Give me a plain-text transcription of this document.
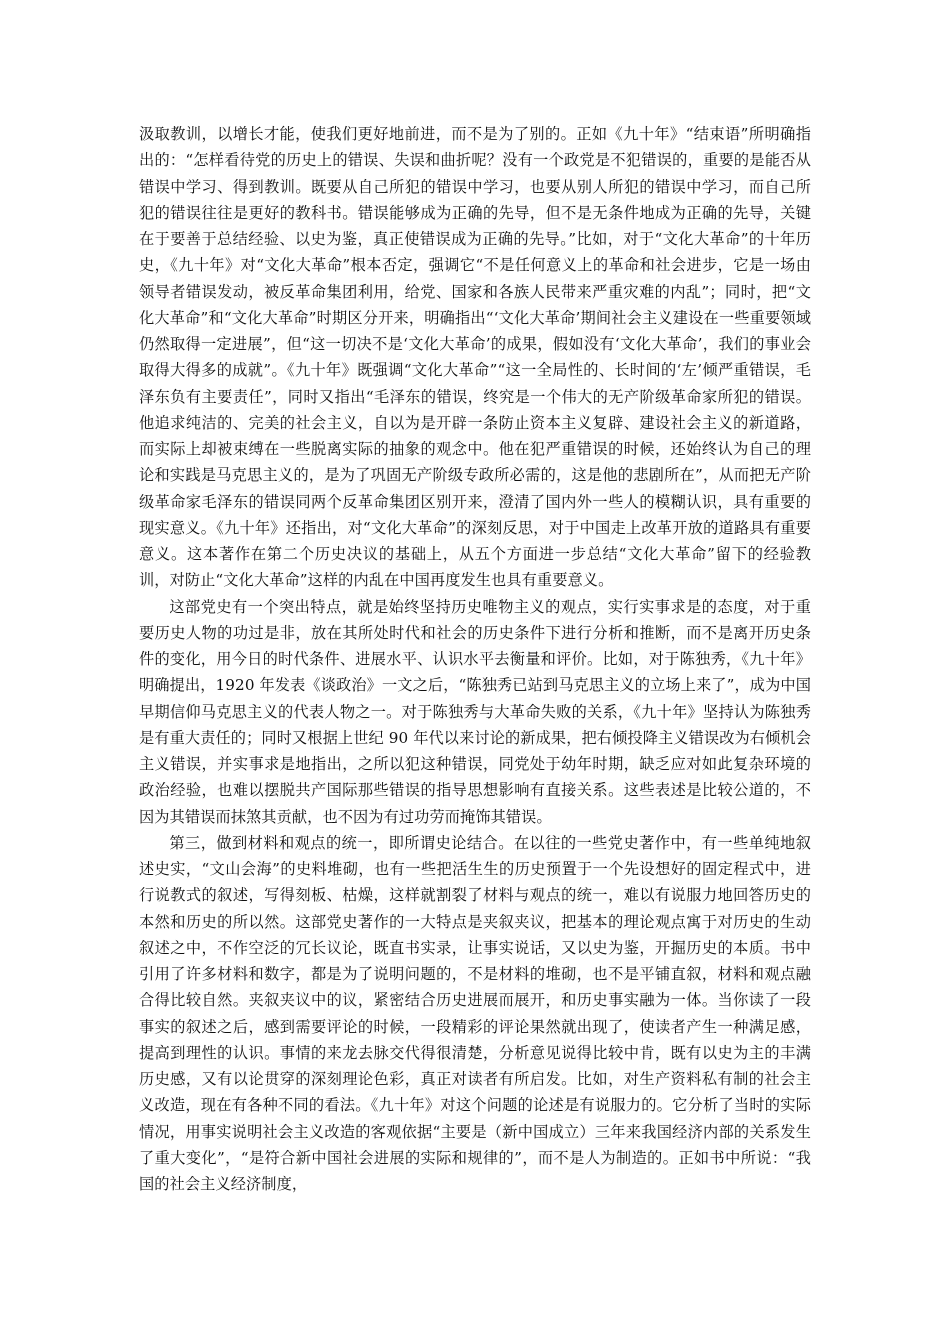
汲取教训，以增长才能，使我们更好地前进，而不是为了别的。正如《九十年》“结束语”所明确指出的：“怎样看待党的历史上的错误、失误和曲折呢？没有一个政党是不犯错误的，重要的是能否从错误中学习、得到教训。既要从自己所犯的错误中学习，也要从别人所犯的错误中学习，而自己所犯的错误往往是更好的教科书。错误能够成为正确的先导，但不是无条件地成为正确的先导，关键在于要善于总结经验、以史为鉴，真正使错误成为正确的先导。”比如，对于“文化大革命”的十年历史，《九十年》对“文化大革命”根本否定，强调它“不是任何意义上的革命和社会进步，它是一场由领导者错误发动，被反革命集团利用，给党、国家和各族人民带来严重灾难的内乱”；同时，把“文化大革命”和“文化大革命”时期区分开来，明确指出“‘文化大革命’期间社会主义建设在一些重要领域仍然取得一定进展”，但“这一切决不是‘文化大革命’的成果，假如没有‘文化大革命’，我们的事业会取得大得多的成就”。《九十年》既强调“文化大革命”“这一全局性的、长时间的‘左’倾严重错误，毛泽东负有主要责任”，同时又指出“毛泽东的错误，终究是一个伟大的无产阶级革命家所犯的错误。他追求纯洁的、完美的社会主义，自以为是开辟一条防止资本主义复辟、建设社会主义的新道路，而实际上却被束缚在一些脱离实际的抽象的观念中。他在犯严重错误的时候，还始终认为自己的理论和实践是马克思主义的，是为了巩固无产阶级专政所必需的，这是他的悲剧所在”，从而把无产阶级革命家毛泽东的错误同两个反革命集团区别开来，澄清了国内外一些人的模糊认识，具有重要的现实意义。《九十年》还指出，对“文化大革命”的深刻反思，对于中国走上改革开放的道路具有重要意义。这本著作在第二个历史决议的基础上，从五个方面进一步总结“文化大革命”留下的经验教训，对防止“文化大革命”这样的内乱在中国再度发生也具有重要意义。

这部党史有一个突出特点，就是始终坚持历史唯物主义的观点，实行实事求是的态度，对于重要历史人物的功过是非，放在其所处时代和社会的历史条件下进行分析和推断，而不是离开历史条件的变化，用今日的时代条件、进展水平、认识水平去衡量和评价。比如，对于陈独秀，《九十年》明确提出，1920 年发表《谈政治》一文之后，“陈独秀已站到马克思主义的立场上来了”，成为中国早期信仰马克思主义的代表人物之一。对于陈独秀与大革命失败的关系，《九十年》坚持认为陈独秀是有重大责任的；同时又根据上世纪 90 年代以来讨论的新成果，把右倾投降主义错误改为右倾机会主义错误，并实事求是地指出，之所以犯这种错误，同党处于幼年时期，缺乏应对如此复杂环境的政治经验，也难以摆脱共产国际那些错误的指导思想影响有直接关系。这些表述是比较公道的，不因为其错误而抹煞其贡献，也不因为有过功劳而掩饰其错误。

第三，做到材料和观点的统一，即所谓史论结合。在以往的一些党史著作中，有一些单纯地叙述史实，“文山会海”的史料堆砌，也有一些把活生生的历史预置于一个先设想好的固定程式中，进行说教式的叙述，写得刻板、枯燥，这样就割裂了材料与观点的统一，难以有说服力地回答历史的本然和历史的所以然。这部党史著作的一大特点是夹叙夹议，把基本的理论观点寓于对历史的生动叙述之中，不作空泛的冗长议论，既直书实录，让事实说话，又以史为鉴，开掘历史的本质。书中引用了许多材料和数字，都是为了说明问题的，不是材料的堆砌，也不是平铺直叙，材料和观点融合得比较自然。夹叙夹议中的议，紧密结合历史进展而展开，和历史事实融为一体。当你读了一段事实的叙述之后，感到需要评论的时候，一段精彩的评论果然就出现了，使读者产生一种满足感，提高到理性的认识。事情的来龙去脉交代得很清楚，分析意见说得比较中肯，既有以史为主的丰满历史感，又有以论贯穿的深刻理论色彩，真正对读者有所启发。比如，对生产资料私有制的社会主义改造，现在有各种不同的看法。《九十年》对这个问题的论述是有说服力的。它分析了当时的实际情况，用事实说明社会主义改造的客观依据“主要是（新中国成立）三年来我国经济内部的关系发生了重大变化”，“是符合新中国社会进展的实际和规律的”，而不是人为制造的。正如书中所说：“我国的社会主义经济制度，
